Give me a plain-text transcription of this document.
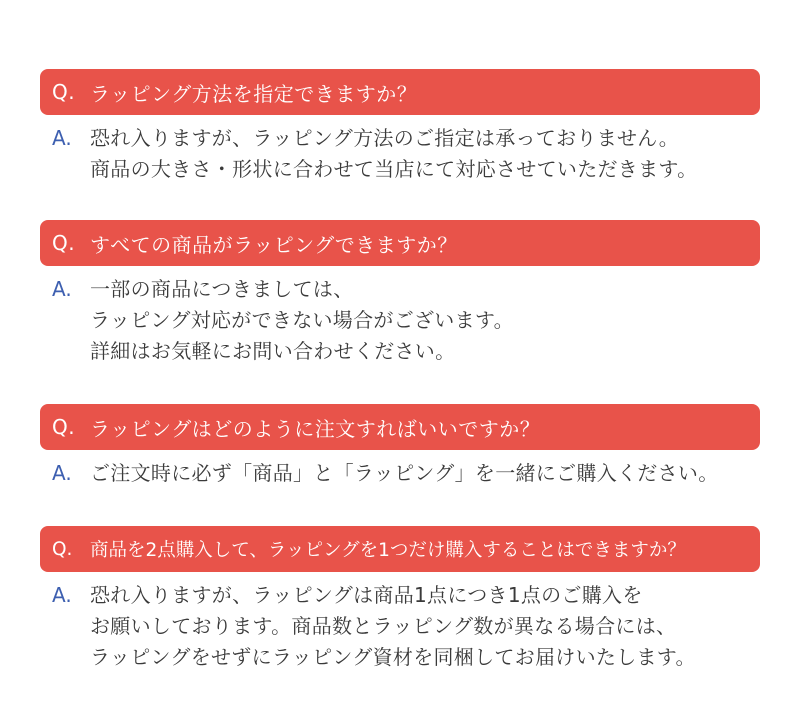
Q. ラッピング方法を指定できますか？
A. 恐れ入りますが、ラッピング方法のご指定は承っておりません。
商品の大きさ・形状に合わせて当店にて対応させていただきます。
Q. すべての商品がラッピングできますか？
A. 一部の商品につきましては、
ラッピング対応ができない場合がございます。
詳細はお気軽にお問い合わせください。
Q. ラッピングはどのように注文すればいいですか？
A. ご注文時に必ず「商品」と「ラッピング」を一緒にご購入ください。
Q. 商品を2点購入して、ラッピングを1つだけ購入することはできますか？
A. 恐れ入りますが、ラッピングは商品1点につき1点のご購入を
お願いしております。商品数とラッピング数が異なる場合には、
ラッピングをせずにラッピング資材を同梱してお届けいたします。
